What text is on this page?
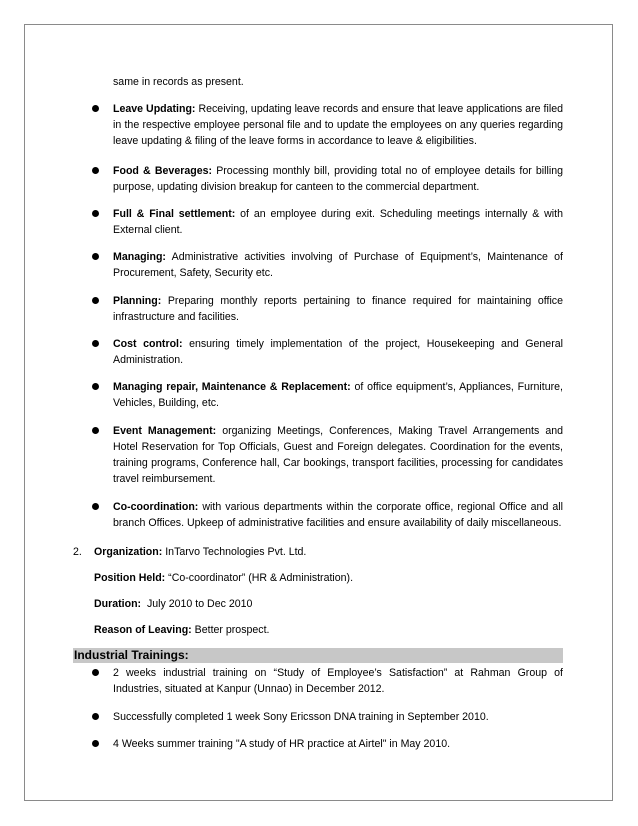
same in records as present.
Leave Updating: Receiving, updating leave records and ensure that leave applications are filed in the respective employee personal file and to update the employees on any queries regarding leave updating & filing of the leave forms in accordance to leave & eligibilities.
Food & Beverages: Processing monthly bill, providing total no of employee details for billing purpose, updating division breakup for canteen to the commercial department.
Full & Final settlement: of an employee during exit. Scheduling meetings internally & with External client.
Managing: Administrative activities involving of Purchase of Equipment’s, Maintenance of Procurement, Safety, Security etc.
Planning: Preparing monthly reports pertaining to finance required for maintaining office infrastructure and facilities.
Cost control: ensuring timely implementation of the project, Housekeeping and General Administration.
Managing repair, Maintenance & Replacement: of office equipment’s, Appliances, Furniture, Vehicles, Building, etc.
Event Management: organizing Meetings, Conferences, Making Travel Arrangements and Hotel Reservation for Top Officials, Guest and Foreign delegates. Coordination for the events, training programs, Conference hall, Car bookings, transport facilities, processing for candidates travel reimbursement.
Co-coordination: with various departments within the corporate office, regional Office and all branch Offices. Upkeep of administrative facilities and ensure availability of daily miscellaneous.
2. Organization: InTarvo Technologies Pvt. Ltd.
Position Held: “Co-coordinator” (HR & Administration).
Duration: July 2010 to Dec 2010
Reason of Leaving: Better prospect.
Industrial Trainings:
2 weeks industrial training on “Study of Employee’s Satisfaction” at Rahman Group of Industries, situated at Kanpur (Unnao) in December 2012.
Successfully completed 1 week Sony Ericsson DNA training in September 2010.
4 Weeks summer training "A study of HR practice at Airtel" in May 2010.
